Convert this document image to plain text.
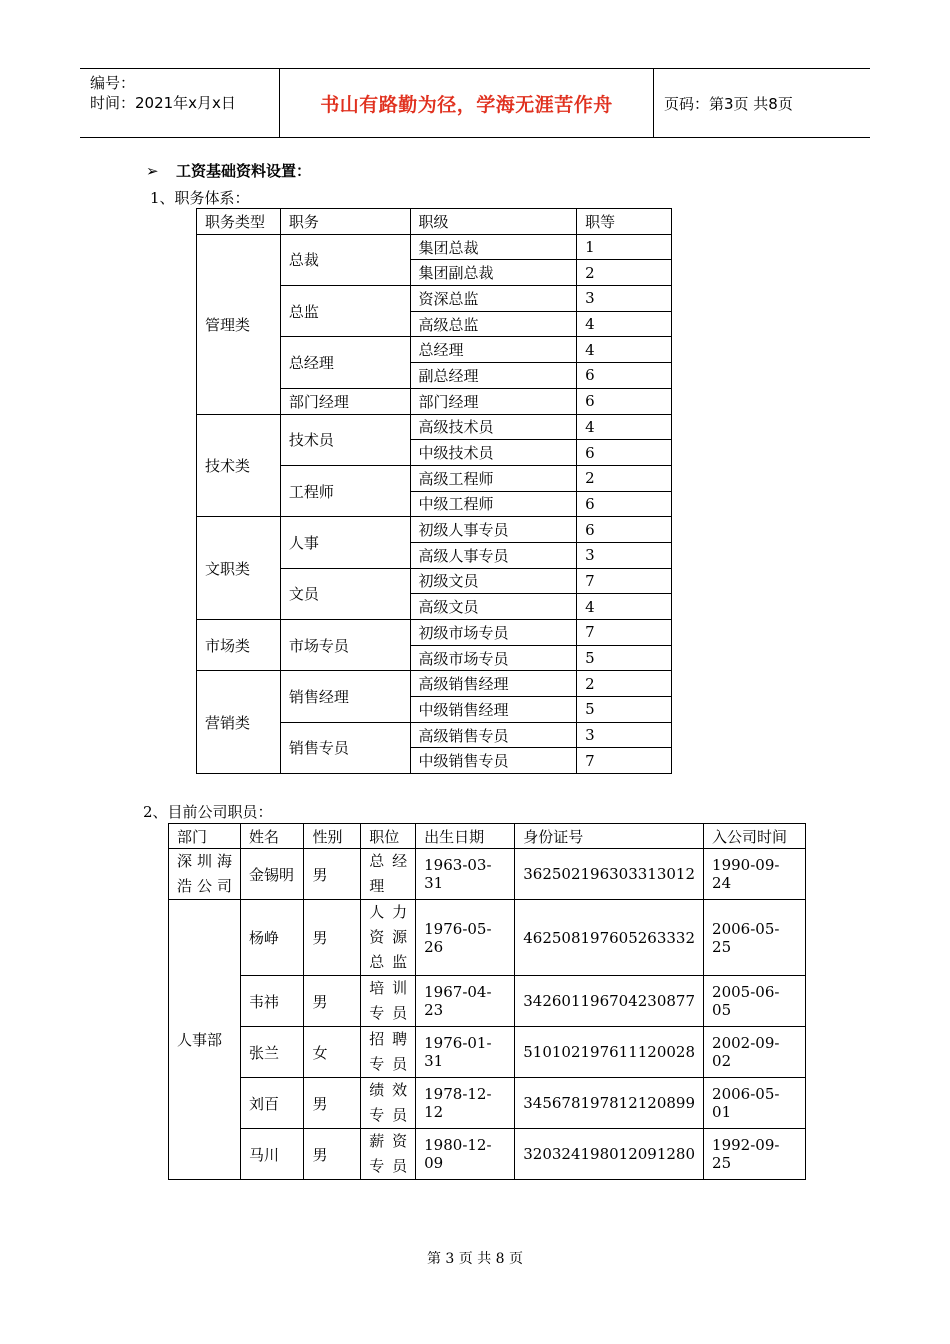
编号：
时间：2021年x月x日	书山有路勤为径，学海无涯苦作舟	页码：第3页 共8页
➢ 工资基础资料设置：
1、职务体系：
职务类型	职务	职级	职等
管理类	总裁	集团总裁	1
		集团副总裁	2
	总监	资深总监	3
		高级总监	4
	总经理	总经理	4
		副总经理	6
	部门经理	部门经理	6
技术类	技术员	高级技术员	4
		中级技术员	6
	工程师	高级工程师	2
		中级工程师	6
文职类	人事	初级人事专员	6
		高级人事专员	3
	文员	初级文员	7
		高级文员	4
市场类	市场专员	初级市场专员	7
		高级市场专员	5
营销类	销售经理	高级销售经理	2
		中级销售经理	5
	销售专员	高级销售专员	3
		中级销售专员	7
2、目前公司职员：
部门	姓名	性别	职位	出生日期	身份证号	入公司时间
深圳海浩公司	金锡明	男	总经理	1963-03-31	362502196303313012	1990-09-24
人事部	杨峥	男	人力资源总监	1976-05-26	462508197605263332	2006-05-25
	韦祎	男	培训专员	1967-04-23	342601196704230877	2005-06-05
	张兰	女	招聘专员	1976-01-31	510102197611120028	2002-09-02
	刘百	男	绩效专员	1978-12-12	345678197812120899	2006-05-01
	马川	男	薪资专员	1980-12-09	320324198012091280	1992-09-25
第 3 页 共 8 页
